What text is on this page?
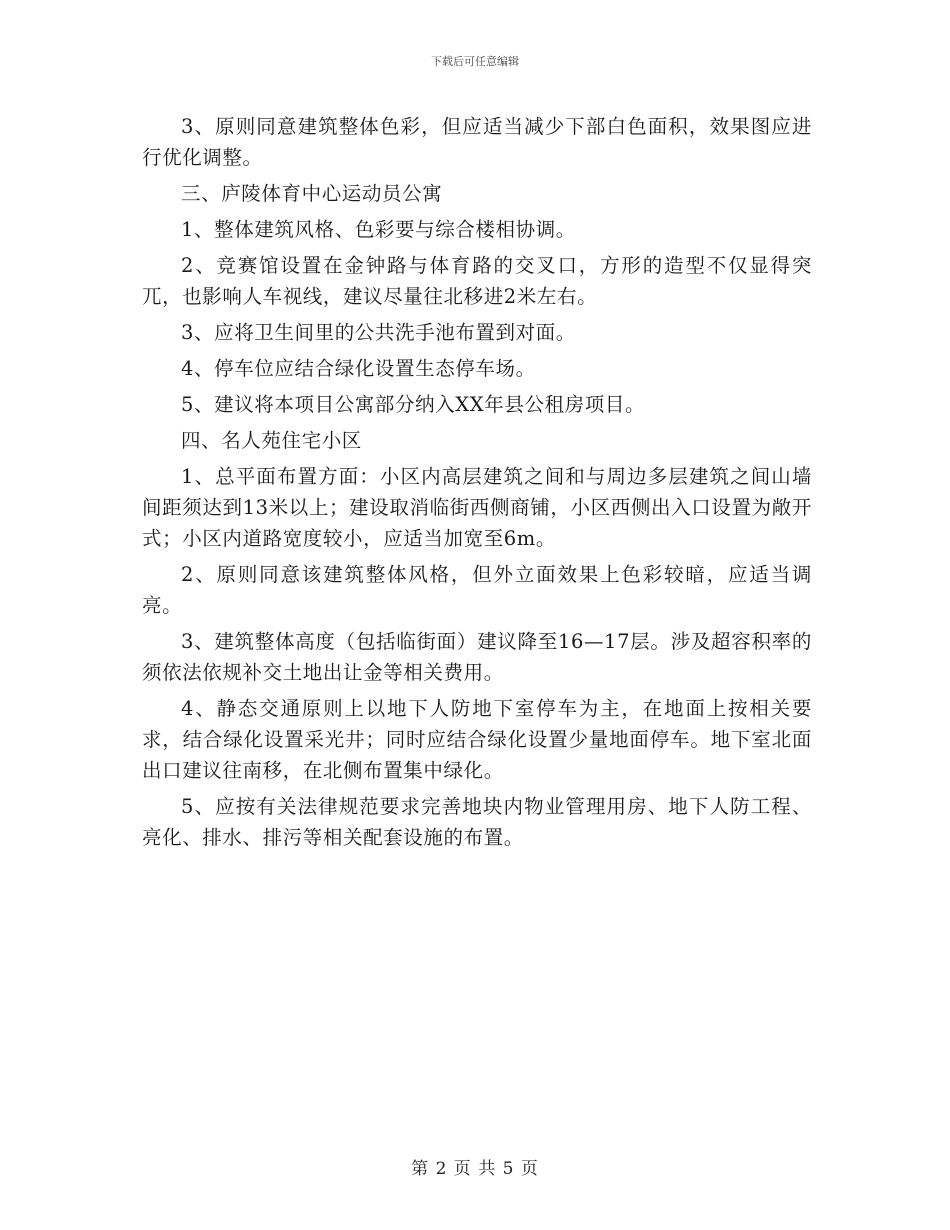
下载后可任意编辑

3、原则同意建筑整体色彩，但应适当减少下部白色面积，效果图应进行优化调整。

三、庐陵体育中心运动员公寓

1、整体建筑风格、色彩要与综合楼相协调。

2、竞赛馆设置在金钟路与体育路的交叉口，方形的造型不仅显得突兀，也影响人车视线，建议尽量往北移进2米左右。

3、应将卫生间里的公共洗手池布置到对面。

4、停车位应结合绿化设置生态停车场。

5、建议将本项目公寓部分纳入XX年县公租房项目。

四、名人苑住宅小区

1、总平面布置方面：小区内高层建筑之间和与周边多层建筑之间山墙间距须达到13米以上；建设取消临街西侧商铺，小区西侧出入口设置为敞开式；小区内道路宽度较小，应适当加宽至6m。

2、原则同意该建筑整体风格，但外立面效果上色彩较暗，应适当调亮。

3、建筑整体高度（包括临街面）建议降至16—17层。涉及超容积率的须依法依规补交土地出让金等相关费用。

4、静态交通原则上以地下人防地下室停车为主，在地面上按相关要求，结合绿化设置采光井；同时应结合绿化设置少量地面停车。地下室北面出口建议往南移，在北侧布置集中绿化。

5、应按有关法律规范要求完善地块内物业管理用房、地下人防工程、亮化、排水、排污等相关配套设施的布置。

第 2 页 共 5 页
